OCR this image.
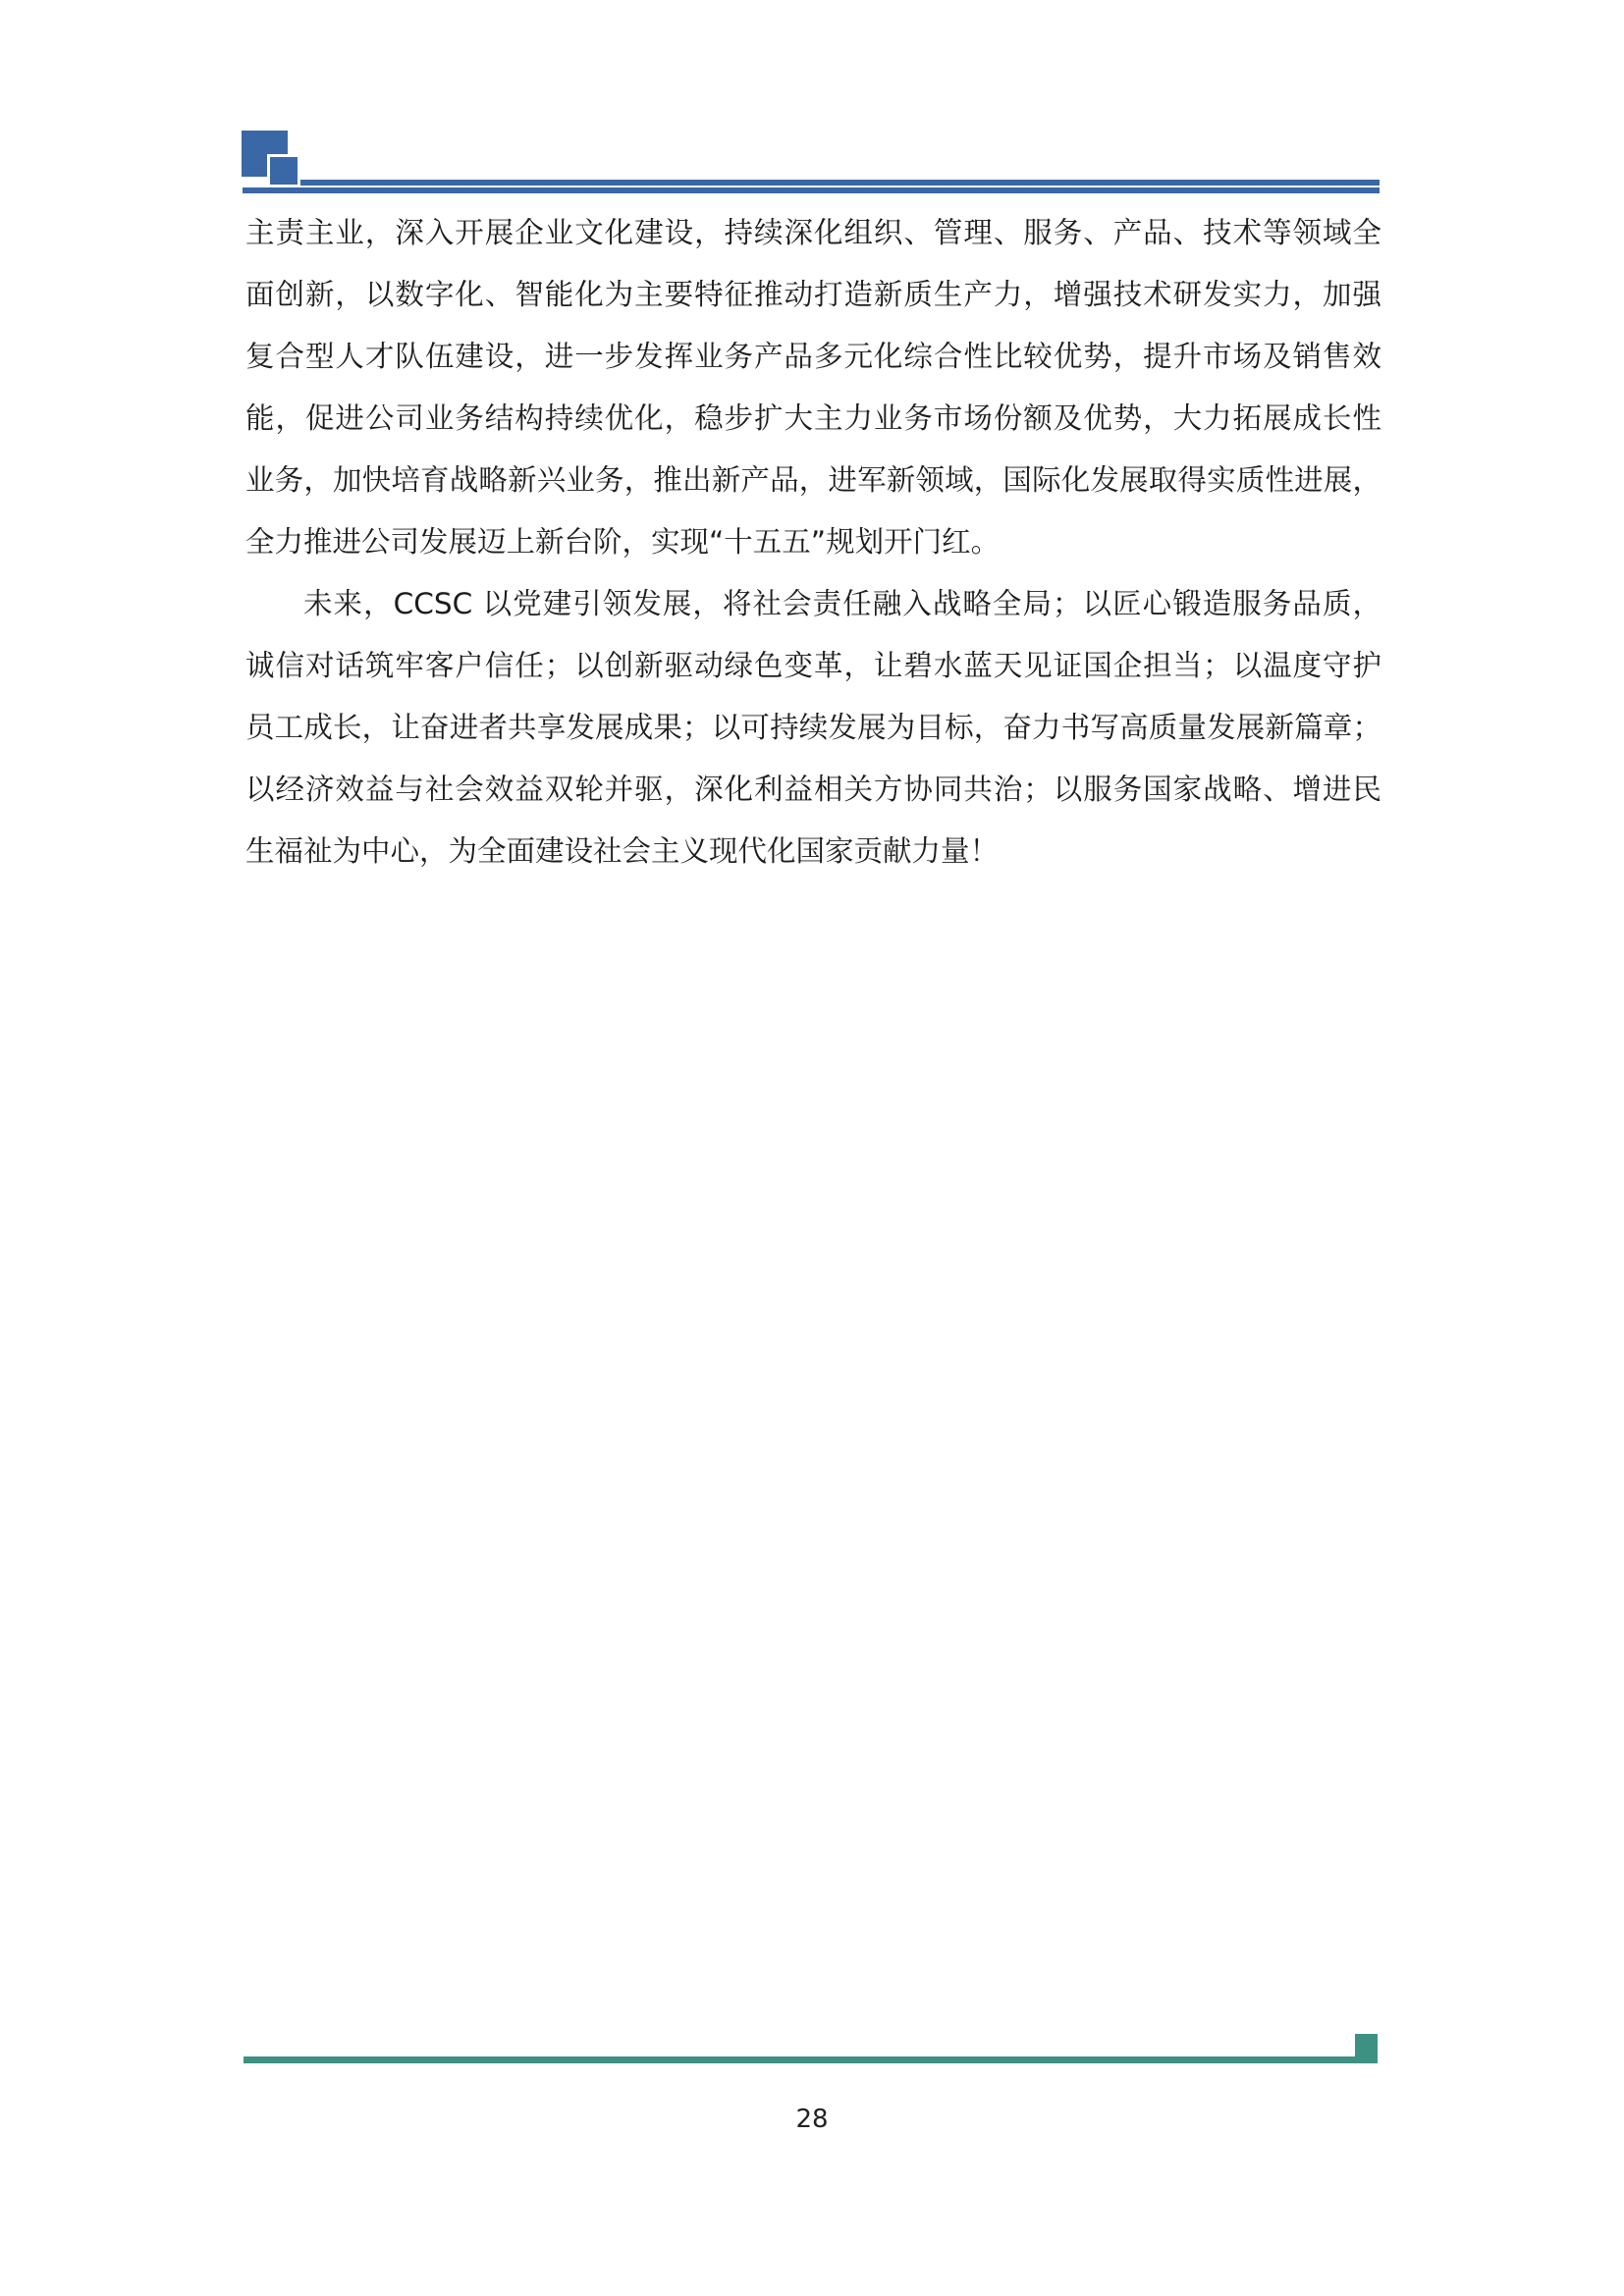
主责主业，深入开展企业文化建设，持续深化组织、管理、服务、产品、技术等领域全
面创新，以数字化、智能化为主要特征推动打造新质生产力，增强技术研发实力，加强
复合型人才队伍建设，进一步发挥业务产品多元化综合性比较优势，提升市场及销售效
能，促进公司业务结构持续优化，稳步扩大主力业务市场份额及优势，大力拓展成长性
业务，加快培育战略新兴业务，推出新产品，进军新领域，国际化发展取得实质性进展，
全力推进公司发展迈上新台阶，实现“十五五”规划开门红。

未来，CCSC 以党建引领发展，将社会责任融入战略全局；以匠心锻造服务品质，
诚信对话筑牢客户信任；以创新驱动绿色变革，让碧水蓝天见证国企担当；以温度守护
员工成长，让奋进者共享发展成果；以可持续发展为目标，奋力书写高质量发展新篇章；
以经济效益与社会效益双轮并驱，深化利益相关方协同共治；以服务国家战略、增进民
生福祉为中心，为全面建设社会主义现代化国家贡献力量！

28
